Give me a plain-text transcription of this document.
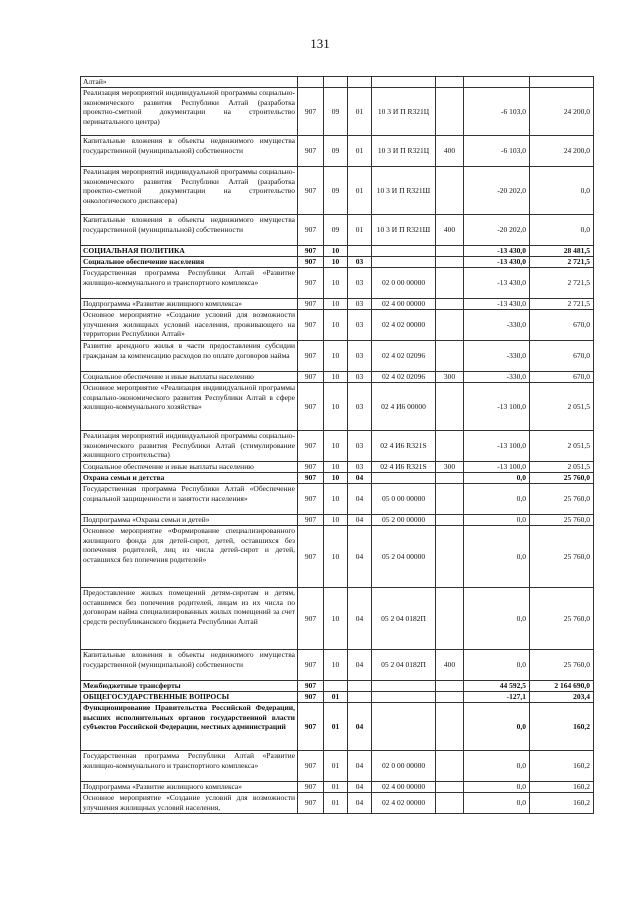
131
Алтай»							
Реализация мероприятий индивидуальной программы социально-экономического развития Республики Алтай (разработка проектно-сметной документации на строительство перинатального центра)	907	09	01	10 3 И П R321Ц		-6 103,0	24 200,0
Капитальные вложения в объекты недвижимого имущества государственной (муниципальной) собственности	907	09	01	10 3 И П R321Ц	400	-6 103,0	24 200,0
Реализация мероприятий индивидуальной программы социально-экономического развития Республики Алтай (разработка проектно-сметной документации на строительство онкологического диспансера)	907	09	01	10 3 И П R321Ш		-20 202,0	0,0
Капитальные вложения в объекты недвижимого имущества государственной (муниципальной) собственности	907	09	01	10 3 И П R321Ш	400	-20 202,0	0,0
СОЦИАЛЬНАЯ ПОЛИТИКА	907	10				-13 430,0	28 481,5
Социальное обеспечение населения	907	10	03			-13 430,0	2 721,5
Государственная программа Республики Алтай «Развитие жилищно-коммунального и транспортного комплекса»	907	10	03	02 0 00 00000		-13 430,0	2 721,5
Подпрограмма «Развитие жилищного комплекса»	907	10	03	02 4 00 00000		-13 430,0	2 721,5
Основное мероприятие «Создание условий для возможности улучшения жилищных условий населения, проживающего на территории Республики Алтай»	907	10	03	02 4 02 00000		-330,0	670,0
Развитие арендного жилья в части предоставления субсидии гражданам за компенсацию расходов по оплате договоров найма	907	10	03	02 4 02 02096		-330,0	670,0
Социальное обеспечение и иные выплаты населению	907	10	03	02 4 02 02096	300	-330,0	670,0
Основное мероприятие «Реализация индивидуальной программы социально-экономического развития Республики Алтай в сфере жилищно-коммунального хозяйства»	907	10	03	02 4 И6 00000		-13 100,0	2 051,5
Реализация мероприятий индивидуальной программы социально-экономического развития Республики Алтай (стимулирование жилищного строительства)	907	10	03	02 4 И6 R321S		-13 100,0	2 051,5
Социальное обеспечение и иные выплаты населению	907	10	03	02 4 И6 R321S	300	-13 100,0	2 051,5
Охрана семьи и детства	907	10	04			0,0	25 760,0
Государственная программа Республики Алтай «Обеспечение социальной защищенности и занятости населения»	907	10	04	05 0 00 00000		0,0	25 760,0
Подпрограмма «Охрана семьи и детей»	907	10	04	05 2 00 00000		0,0	25 760,0
Основное мероприятие «Формирование специализированного жилищного фонда для детей-сирот, детей, оставшихся без попечения родителей, лиц из числа детей-сирот и детей, оставшихся без попечения родителей»	907	10	04	05 2 04 00000		0,0	25 760,0
Предоставление жилых помещений детям-сиротам и детям, оставшимся без попечения родителей, лицам из их числа по договорам найма специализированных жилых помещений за счет средств республиканского бюджета Республики Алтай	907	10	04	05 2 04 0182П		0,0	25 760,0
Капитальные вложения в объекты недвижимого имущества государственной (муниципальной) собственности	907	10	04	05 2 04 0182П	400	0,0	25 760,0
Межбюджетные трансферты	907					44 592,5	2 164 690,0
ОБЩЕГОСУДАРСТВЕННЫЕ ВОПРОСЫ	907	01				-127,1	203,4
Функционирование Правительства Российской Федерации, высших исполнительных органов государственной власти субъектов Российской Федерации, местных администраций	907	01	04			0,0	160,2
Государственная программа Республики Алтай «Развитие жилищно-коммунального и транспортного комплекса»	907	01	04	02 0 00 00000		0,0	160,2
Подпрограмма «Развитие жилищного комплекса»	907	01	04	02 4 00 00000		0,0	160,2
Основное мероприятие «Создание условий для возможности улучшения жилищных условий населения,	907	01	04	02 4 02 00000		0,0	160,2
